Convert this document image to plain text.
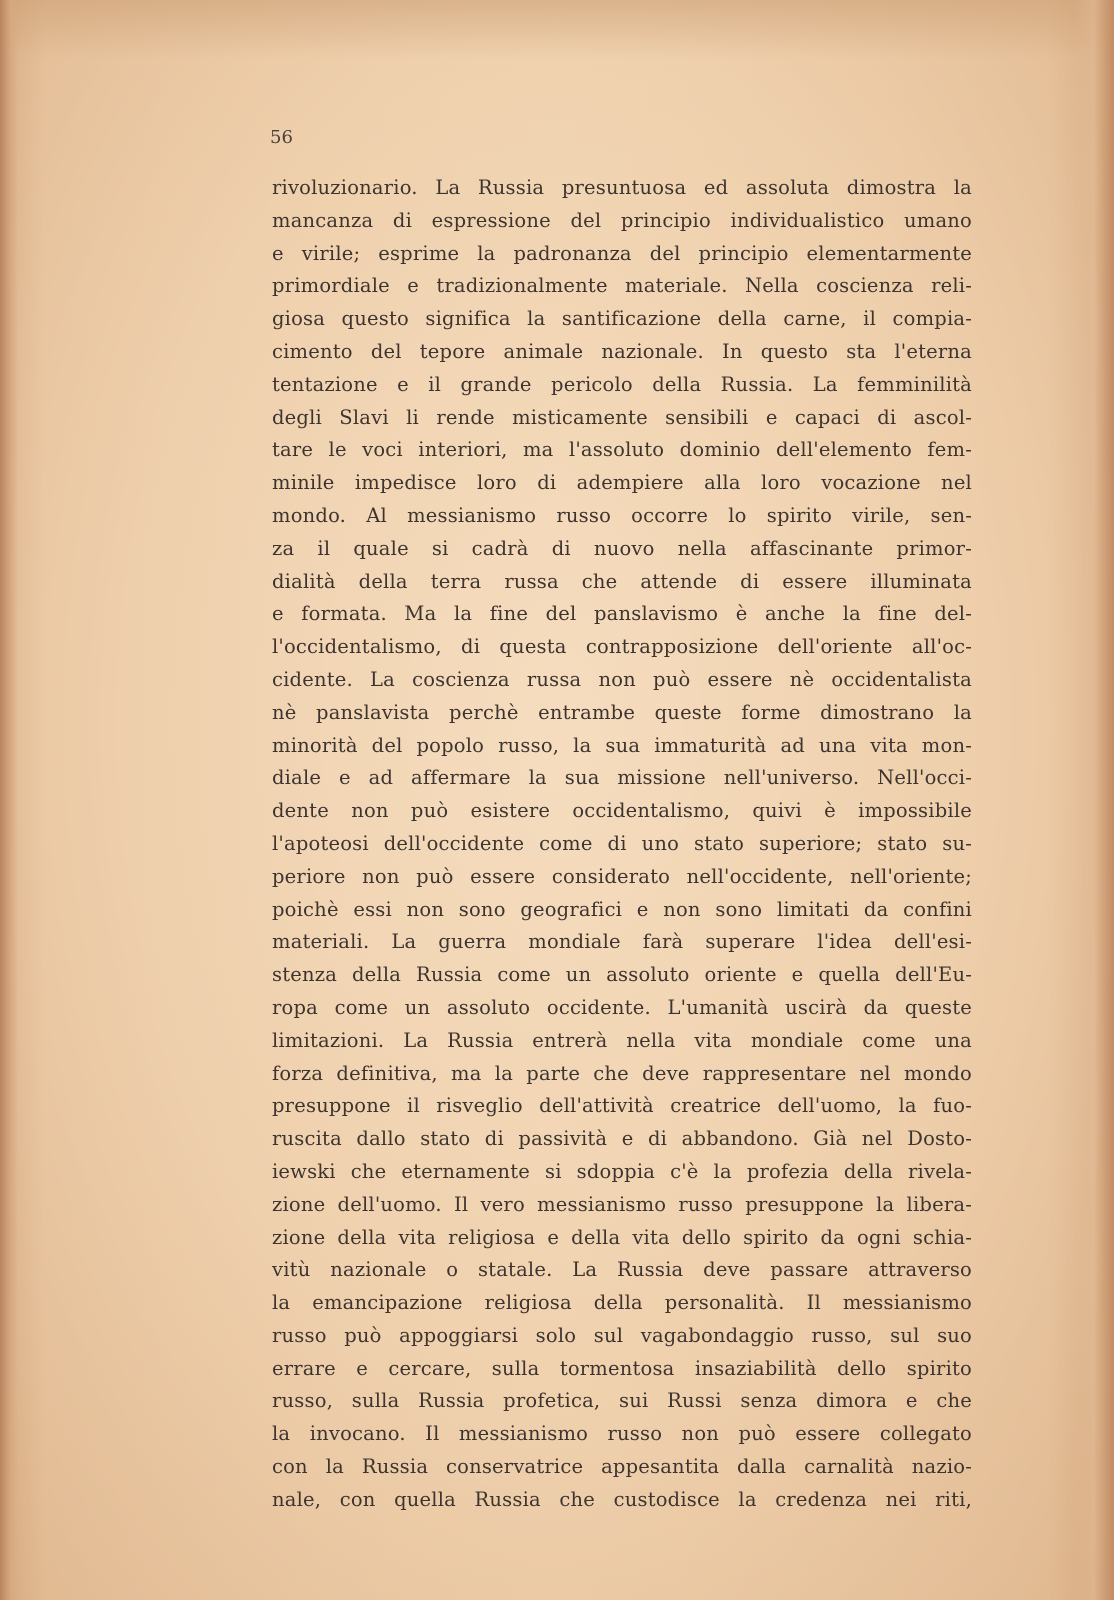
56
rivoluzionario. La Russia presuntuosa ed assoluta dimostra la
mancanza di espressione del principio individualistico umano
e virile; esprime la padronanza del principio elementarmente
primordiale e tradizionalmente materiale. Nella coscienza reli-
giosa questo significa la santificazione della carne, il compia-
cimento del tepore animale nazionale. In questo sta l'eterna
tentazione e il grande pericolo della Russia. La femminilità
degli Slavi li rende misticamente sensibili e capaci di ascol-
tare le voci interiori, ma l'assoluto dominio dell'elemento fem-
minile impedisce loro di adempiere alla loro vocazione nel
mondo. Al messianismo russo occorre lo spirito virile, sen-
za il quale si cadrà di nuovo nella affascinante primor-
dialità della terra russa che attende di essere illuminata
e formata. Ma la fine del panslavismo è anche la fine del-
l'occidentalismo, di questa contrapposizione dell'oriente all'oc-
cidente. La coscienza russa non può essere nè occidentalista
nè panslavista perchè entrambe queste forme dimostrano la
minorità del popolo russo, la sua immaturità ad una vita mon-
diale e ad affermare la sua missione nell'universo. Nell'occi-
dente non può esistere occidentalismo, quivi è impossibile
l'apoteosi dell'occidente come di uno stato superiore; stato su-
periore non può essere considerato nell'occidente, nell'oriente;
poichè essi non sono geografici e non sono limitati da confini
materiali. La guerra mondiale farà superare l'idea dell'esi-
stenza della Russia come un assoluto oriente e quella dell'Eu-
ropa come un assoluto occidente. L'umanità uscirà da queste
limitazioni. La Russia entrerà nella vita mondiale come una
forza definitiva, ma la parte che deve rappresentare nel mondo
presuppone il risveglio dell'attività creatrice dell'uomo, la fuo-
ruscita dallo stato di passività e di abbandono. Già nel Dosto-
iewski che eternamente si sdoppia c'è la profezia della rivela-
zione dell'uomo. Il vero messianismo russo presuppone la libera-
zione della vita religiosa e della vita dello spirito da ogni schia-
vitù nazionale o statale. La Russia deve passare attraverso
la emancipazione religiosa della personalità. Il messianismo
russo può appoggiarsi solo sul vagabondaggio russo, sul suo
errare e cercare, sulla tormentosa insaziabilità dello spirito
russo, sulla Russia profetica, sui Russi senza dimora e che
la invocano. Il messianismo russo non può essere collegato
con la Russia conservatrice appesantita dalla carnalità nazio-
nale, con quella Russia che custodisce la credenza nei riti,
